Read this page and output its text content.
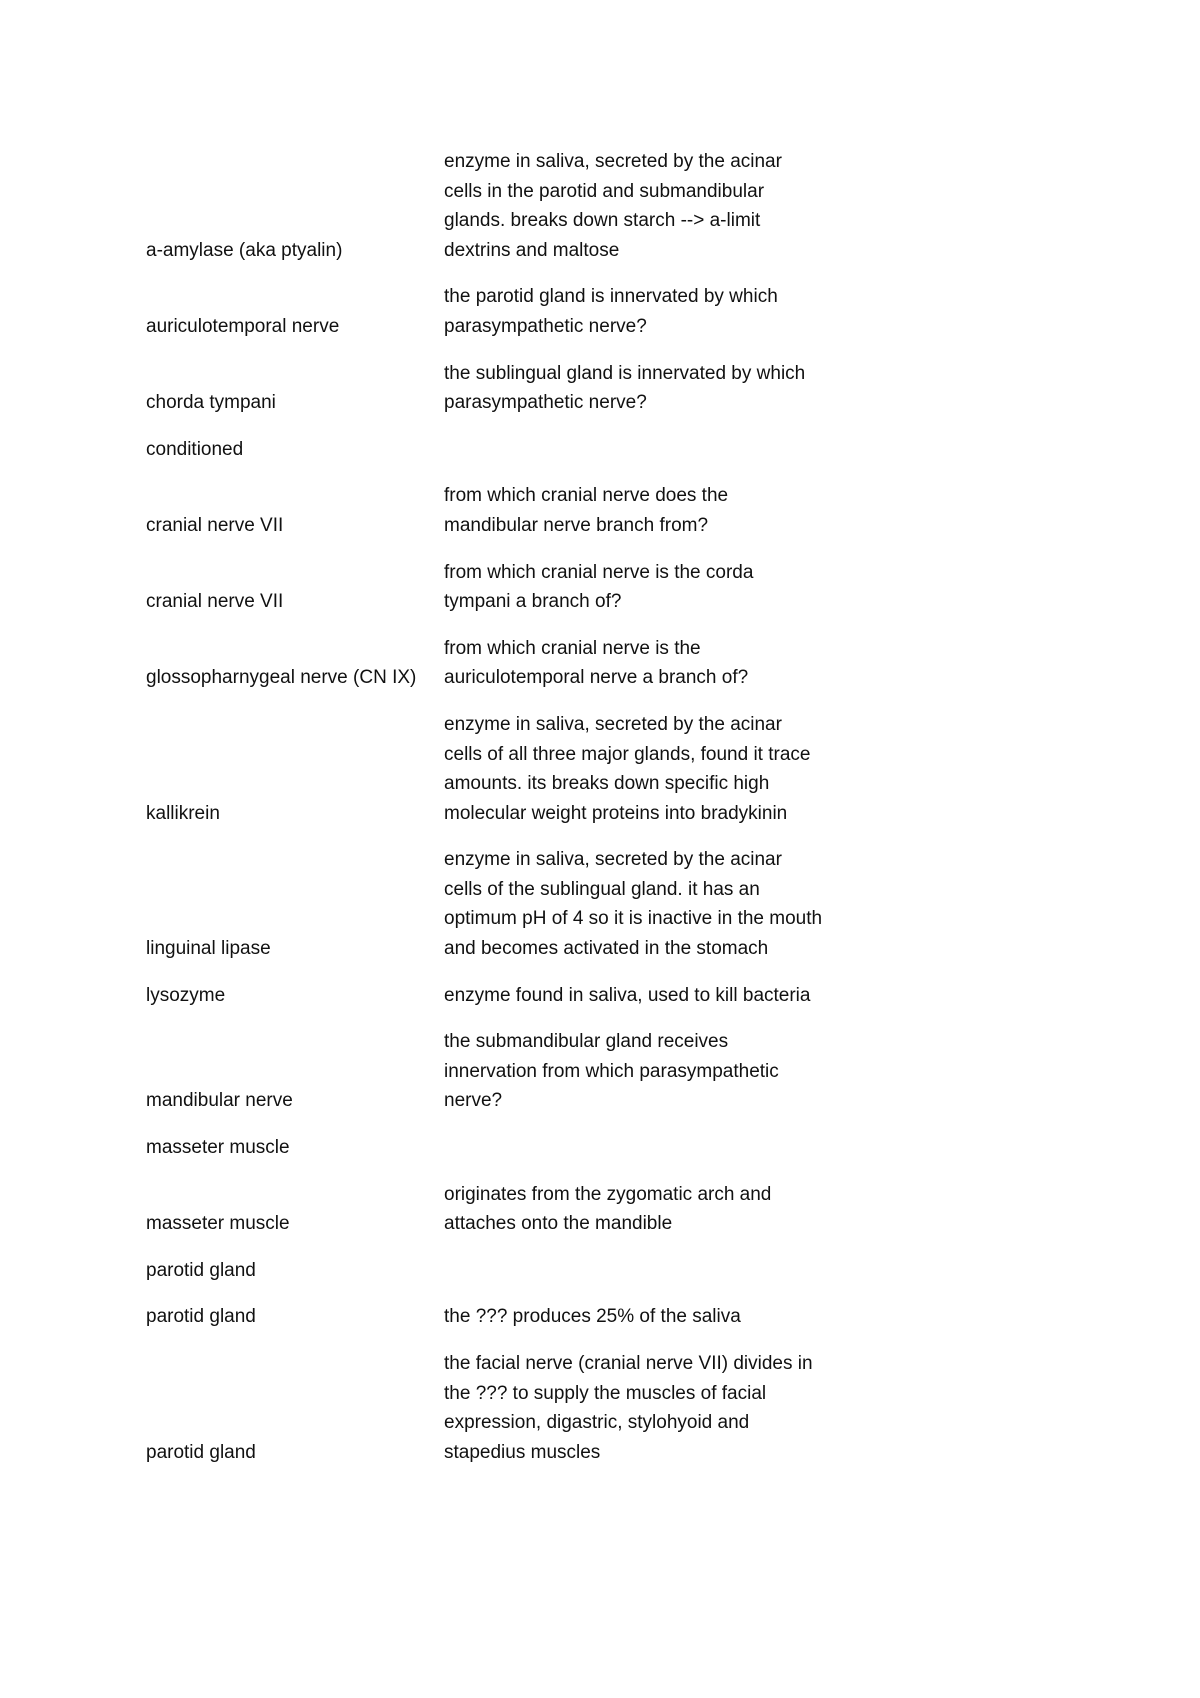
a-amylase (aka ptyalin)
enzyme in saliva, secreted by the acinar cells in the parotid and submandibular glands. breaks down starch --> a-limit dextrins and maltose
auriculotemporal nerve
the parotid gland is innervated by which parasympathetic nerve?
chorda tympani
the sublingual gland is innervated by which parasympathetic nerve?
conditioned
cranial nerve VII
from which cranial nerve does the mandibular nerve branch from?
cranial nerve VII
from which cranial nerve is the corda tympani a branch of?
glossopharnygeal nerve (CN IX)
from which cranial nerve is the auriculotemporal nerve a branch of?
kallikrein
enzyme in saliva, secreted by the acinar cells of all three major glands, found it trace amounts. its breaks down specific high molecular weight proteins into bradykinin
linguinal lipase
enzyme in saliva, secreted by the acinar cells of the sublingual gland. it has an optimum pH of 4 so it is inactive in the mouth and becomes activated in the stomach
lysozyme	enzyme found in saliva, used to kill bacteria
mandibular nerve
the submandibular gland receives innervation from which parasympathetic nerve?
masseter muscle
masseter muscle
originates from the zygomatic arch and attaches onto the mandible
parotid gland
parotid gland	the ??? produces 25% of the saliva
parotid gland
the facial nerve (cranial nerve VII) divides in the ??? to supply the muscles of facial expression, digastric, stylohyoid and stapedius muscles
